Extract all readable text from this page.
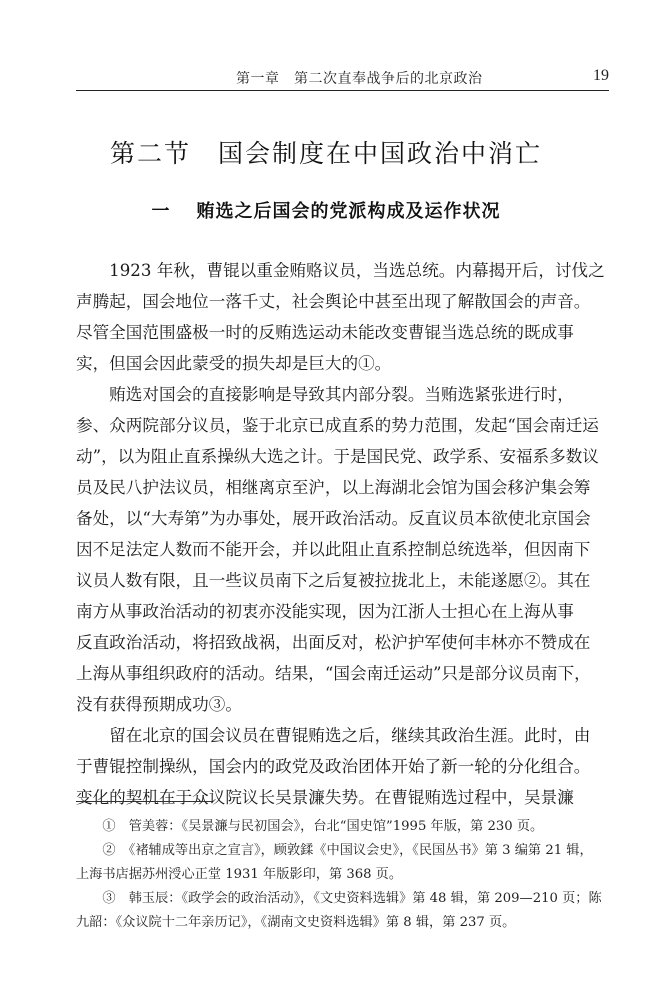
第一章　第二次直奉战争后的北京政治	19
第二节　国会制度在中国政治中消亡
一 贿选之后国会的党派构成及运作状况
　　1923 年秋，曹锟以重金贿赂议员，当选总统。内幕揭开后，讨伐之
声腾起，国会地位一落千丈，社会舆论中甚至出现了解散国会的声音。
尽管全国范围盛极一时的反贿选运动未能改变曹锟当选总统的既成事
实，但国会因此蒙受的损失却是巨大的①。
　　贿选对国会的直接影响是导致其内部分裂。当贿选紧张进行时，
参、众两院部分议员，鉴于北京已成直系的势力范围，发起“国会南迁运
动”，以为阻止直系操纵大选之计。于是国民党、政学系、安福系多数议
员及民八护法议员，相继离京至沪，以上海湖北会馆为国会移沪集会筹
备处，以“大寿第”为办事处，展开政治活动。反直议员本欲使北京国会
因不足法定人数而不能开会，并以此阻止直系控制总统选举，但因南下
议员人数有限，且一些议员南下之后复被拉拢北上，未能遂愿②。其在
南方从事政治活动的初衷亦没能实现，因为江浙人士担心在上海从事
反直政治活动，将招致战祸，出面反对，松沪护军使何丰林亦不赞成在
上海从事组织政府的活动。结果，“国会南迁运动”只是部分议员南下，
没有获得预期成功③。
　　留在北京的国会议员在曹锟贿选之后，继续其政治生涯。此时，由
于曹锟控制操纵，国会内的政党及政治团体开始了新一轮的分化组合。
变化的契机在于众议院议长吴景濂失势。在曹锟贿选过程中，吴景濂
　　①　管美蓉：《吴景濂与民初国会》，台北“国史馆”1995 年版，第 230 页。
　　②　《褚辅成等出京之宣言》，顾敦鍒《中国议会史》，《民国丛书》第 3 编第 21 辑，
上海书店据苏州涭心正堂 1931 年版影印，第 368 页。
　　③　韩玉辰：《政学会的政治活动》，《文史资料选辑》第 48 辑，第 209—210 页；陈
九韶：《众议院十二年亲历记》，《湖南文史资料选辑》第 8 辑，第 237 页。
